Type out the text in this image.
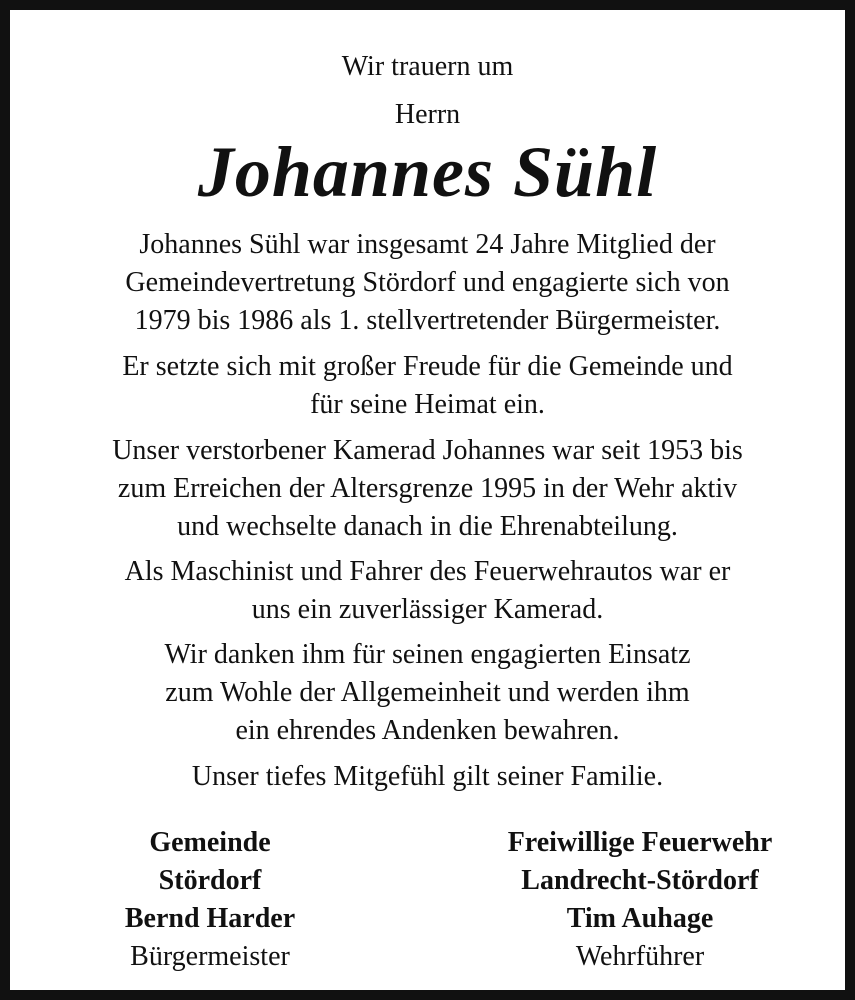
Wir trauern um
Herrn
Johannes Sühl
Johannes Sühl war insgesamt 24 Jahre Mitglied der
Gemeindevertretung Stördorf und engagierte sich von
1979 bis 1986 als 1. stellvertretender Bürgermeister.
Er setzte sich mit großer Freude für die Gemeinde und
für seine Heimat ein.
Unser verstorbener Kamerad Johannes war seit 1953 bis
zum Erreichen der Altersgrenze 1995 in der Wehr aktiv
und wechselte danach in die Ehrenabteilung.
Als Maschinist und Fahrer des Feuerwehrautos war er
uns ein zuverlässiger Kamerad.
Wir danken ihm für seinen engagierten Einsatz
zum Wohle der Allgemeinheit und werden ihm
ein ehrendes Andenken bewahren.
Unser tiefes Mitgefühl gilt seiner Familie.
Gemeinde
Stördorf
Bernd Harder
Bürgermeister
Freiwillige Feuerwehr
Landrecht-Stördorf
Tim Auhage
Wehrführer
